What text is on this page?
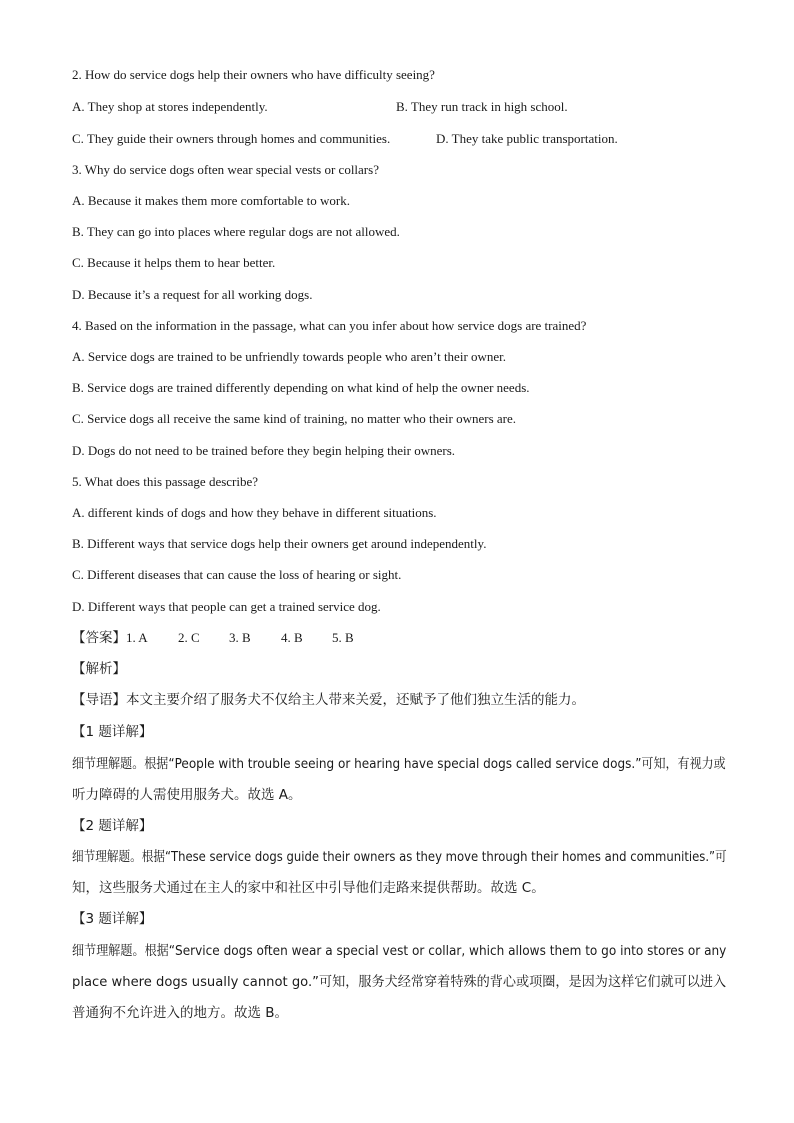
2. How do service dogs help their owners who have difficulty seeing?

A. They shop at stores independently.	B. They run track in high school.

C. They guide their owners through homes and communities.	D. They take public transportation.

3. Why do service dogs often wear special vests or collars?

A. Because it makes them more comfortable to work.

B. They can go into places where regular dogs are not allowed.

C. Because it helps them to hear better.

D. Because it’s a request for all working dogs.

4. Based on the information in the passage, what can you infer about how service dogs are trained?

A. Service dogs are trained to be unfriendly towards people who aren’t their owner.

B. Service dogs are trained differently depending on what kind of help the owner needs.

C. Service dogs all receive the same kind of training, no matter who their owners are.

D. Dogs do not need to be trained before they begin helping their owners.

5. What does this passage describe?

A. different kinds of dogs and how they behave in different situations.

B. Different ways that service dogs help their owners get around independently.

C. Different diseases that can cause the loss of hearing or sight.

D. Different ways that people can get a trained service dog.

【答案】1. A 2. C 3. B 4. B 5. B

【解析】

【导语】本文主要介绍了服务犬不仅给主人带来关爱，还赋予了他们独立生活的能力。

【1 题详解】

细节理解题。根据“People with trouble seeing or hearing have special dogs called service dogs.”可知，有视力或

听力障碍的人需使用服务犬。故选 A。

【2 题详解】

细节理解题。根据“These service dogs guide their owners as they move through their homes and communities.”可

知，这些服务犬通过在主人的家中和社区中引导他们走路来提供帮助。故选 C。

【3 题详解】

细节理解题。根据“Service dogs often wear a special vest or collar, which allows them to go into stores or any

place where dogs usually cannot go.”可知，服务犬经常穿着特殊的背心或项圈，是因为这样它们就可以进入

普通狗不允许进入的地方。故选 B。
